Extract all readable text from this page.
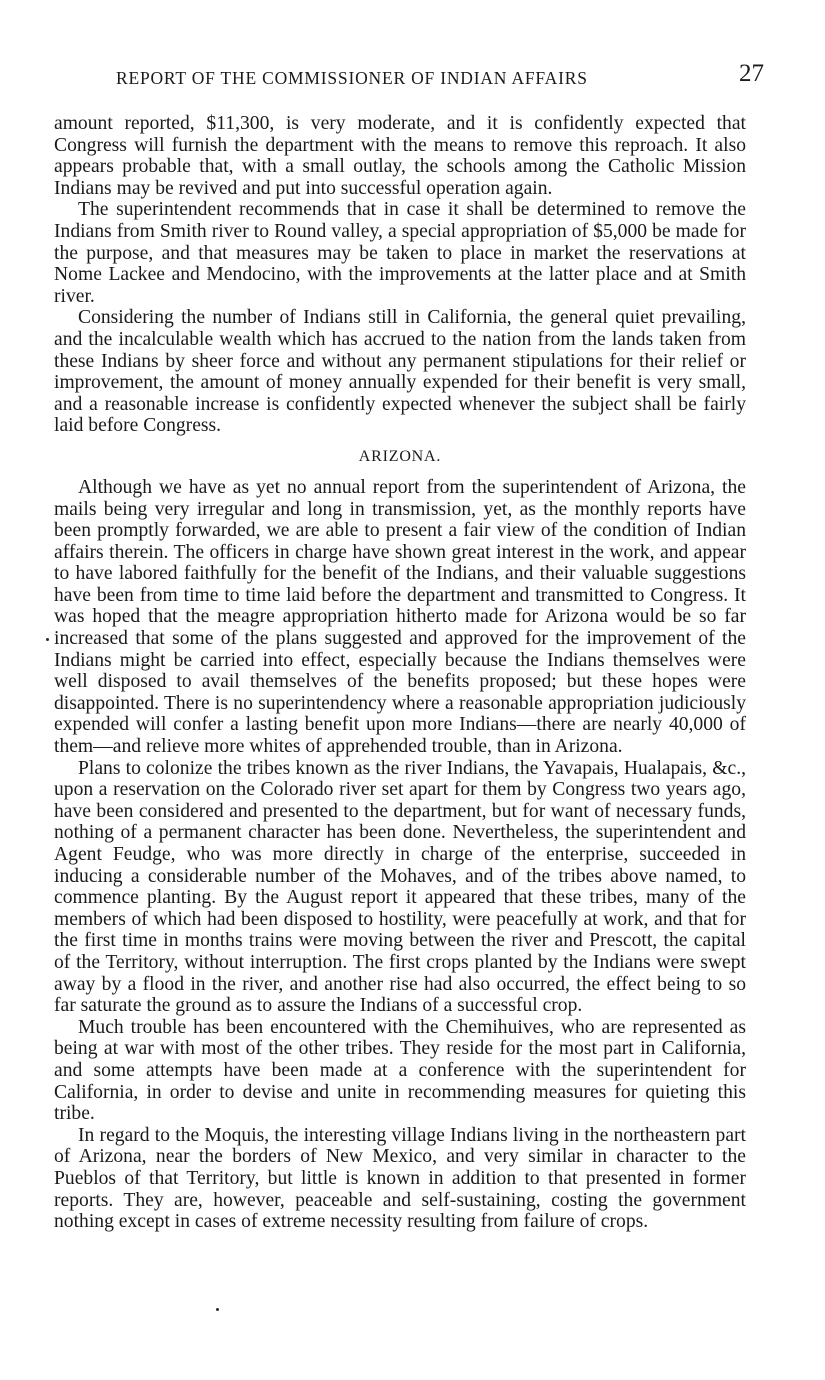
REPORT OF THE COMMISSIONER OF INDIAN AFFAIRS	27

amount reported, $11,300, is very moderate, and it is confidently expected that Congress will furnish the department with the means to remove this reproach. It also appears probable that, with a small outlay, the schools among the Catholic Mission Indians may be revived and put into successful operation again.

The superintendent recommends that in case it shall be determined to remove the Indians from Smith river to Round valley, a special appropriation of $5,000 be made for the purpose, and that measures may be taken to place in market the reservations at Nome Lackee and Mendocino, with the improvements at the latter place and at Smith river.

Considering the number of Indians still in California, the general quiet prevailing, and the incalculable wealth which has accrued to the nation from the lands taken from these Indians by sheer force and without any permanent stipulations for their relief or improvement, the amount of money annually expended for their benefit is very small, and a reasonable increase is confidently expected whenever the subject shall be fairly laid before Congress.

ARIZONA.

Although we have as yet no annual report from the superintendent of Arizona, the mails being very irregular and long in transmission, yet, as the monthly reports have been promptly forwarded, we are able to present a fair view of the condition of Indian affairs therein. The officers in charge have shown great interest in the work, and appear to have labored faithfully for the benefit of the Indians, and their valuable suggestions have been from time to time laid before the department and transmitted to Congress. It was hoped that the meagre appropriation hitherto made for Arizona would be so far increased that some of the plans suggested and approved for the improvement of the Indians might be carried into effect, especially because the Indians themselves were well disposed to avail themselves of the benefits proposed; but these hopes were disappointed. There is no superintendency where a reasonable appropriation judiciously expended will confer a lasting benefit upon more Indians—there are nearly 40,000 of them—and relieve more whites of apprehended trouble, than in Arizona.

Plans to colonize the tribes known as the river Indians, the Yavapais, Hualapais, &c., upon a reservation on the Colorado river set apart for them by Congress two years ago, have been considered and presented to the department, but for want of necessary funds, nothing of a permanent character has been done. Nevertheless, the superintendent and Agent Feudge, who was more directly in charge of the enterprise, succeeded in inducing a considerable number of the Mohaves, and of the tribes above named, to commence planting. By the August report it appeared that these tribes, many of the members of which had been disposed to hostility, were peacefully at work, and that for the first time in months trains were moving between the river and Prescott, the capital of the Territory, without interruption. The first crops planted by the Indians were swept away by a flood in the river, and another rise had also occurred, the effect being to so far saturate the ground as to assure the Indians of a successful crop.

Much trouble has been encountered with the Chemihuives, who are represented as being at war with most of the other tribes. They reside for the most part in California, and some attempts have been made at a conference with the superintendent for California, in order to devise and unite in recommending measures for quieting this tribe.

In regard to the Moquis, the interesting village Indians living in the northeastern part of Arizona, near the borders of New Mexico, and very similar in character to the Pueblos of that Territory, but little is known in addition to that presented in former reports. They are, however, peaceable and self-sustaining, costing the government nothing except in cases of extreme necessity resulting from failure of crops.
